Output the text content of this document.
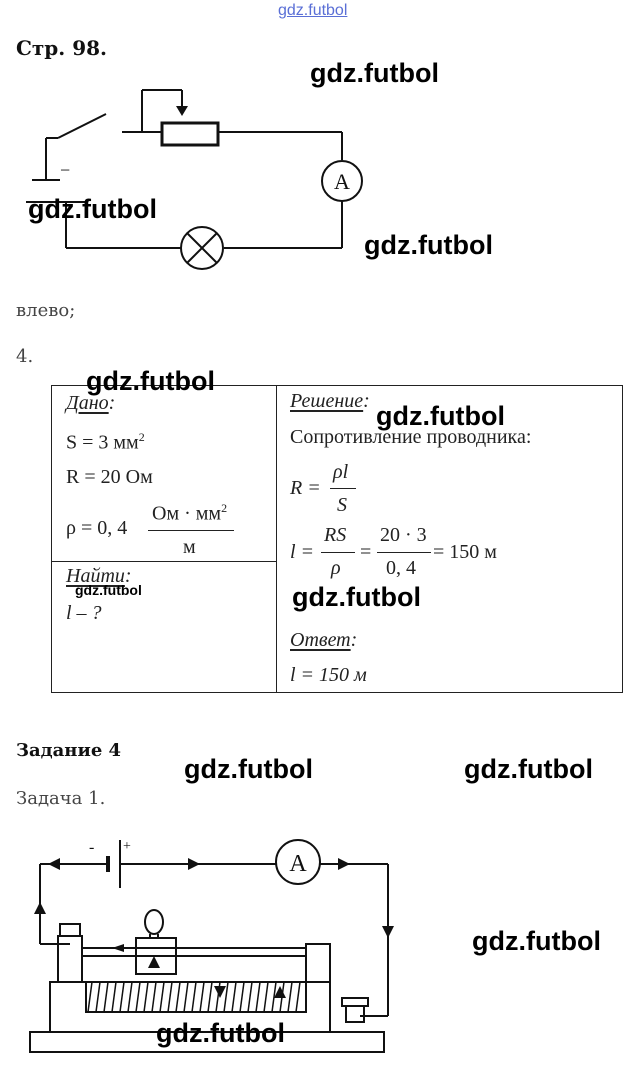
gdz.futbol
Стр. 98.
−	A
gdz.futbol
gdz.futbol
gdz.futbol
влево;
4.

Дано:
S = 3 $мм^2$
R = 20 Ом
ρ = 0, 4
Ом · $мм^2$
м
Найти:
l – ?
Решение:
Сопротивление проводника:
R =
ρl
S
l =
RS
ρ
=
20 · 3
0, 4
= 150 м
Ответ:
l = 150 м
gdz.futbol
gdz.futbol
gdz.futbol	gdz.futbol
Задание 4
Задача 1.
gdz.futbol	gdz.futbol
- +
A
gdz.futbol
gdz.futbol
